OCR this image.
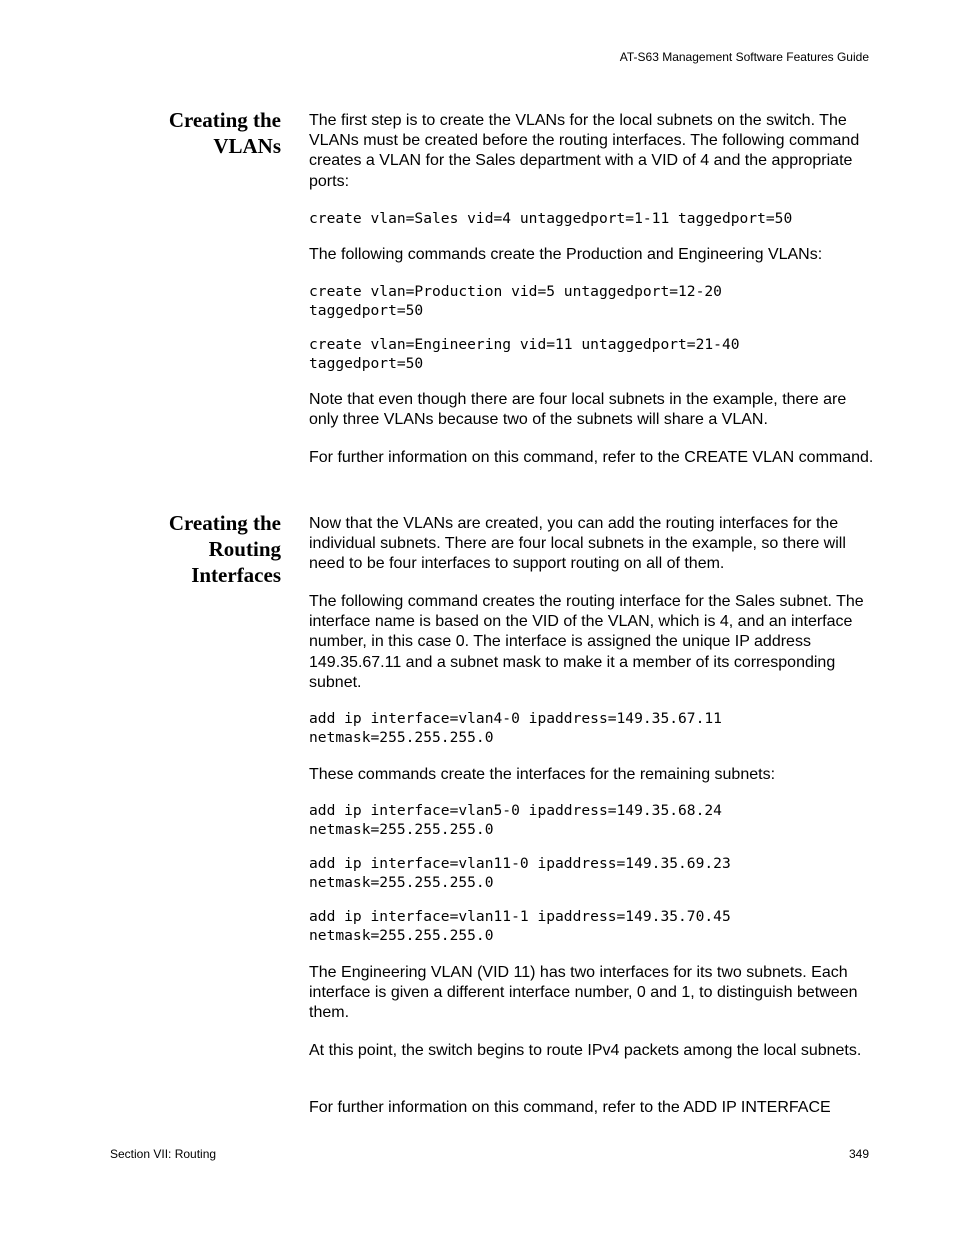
AT-S63 Management Software Features Guide
Creating the
VLANs

The first step is to create the VLANs for the local subnets on the switch. The VLANs must be created before the routing interfaces. The following command creates a VLAN for the Sales department with a VID of 4 and the appropriate ports:

create vlan=Sales vid=4 untaggedport=1-11 taggedport=50

The following commands create the Production and Engineering VLANs:

create vlan=Production vid=5 untaggedport=12-20
taggedport=50
create vlan=Engineering vid=11 untaggedport=21-40
taggedport=50

Note that even though there are four local subnets in the example, there are only three VLANs because two of the subnets will share a VLAN.

For further information on this command, refer to the CREATE VLAN command.

Creating the
Routing
Interfaces

Now that the VLANs are created, you can add the routing interfaces for the individual subnets. There are four local subnets in the example, so there will need to be four interfaces to support routing on all of them.

The following command creates the routing interface for the Sales subnet. The interface name is based on the VID of the VLAN, which is 4, and an interface number, in this case 0. The interface is assigned the unique IP address 149.35.67.11 and a subnet mask to make it a member of its corresponding subnet.

add ip interface=vlan4-0 ipaddress=149.35.67.11
netmask=255.255.255.0

These commands create the interfaces for the remaining subnets:

add ip interface=vlan5-0 ipaddress=149.35.68.24
netmask=255.255.255.0
add ip interface=vlan11-0 ipaddress=149.35.69.23
netmask=255.255.255.0
add ip interface=vlan11-1 ipaddress=149.35.70.45
netmask=255.255.255.0

The Engineering VLAN (VID 11) has two interfaces for its two subnets. Each interface is given a different interface number, 0 and 1, to distinguish between them.

At this point, the switch begins to route IPv4 packets among the local subnets.

For further information on this command, refer to the ADD IP INTERFACE

Section VII: Routing	349
